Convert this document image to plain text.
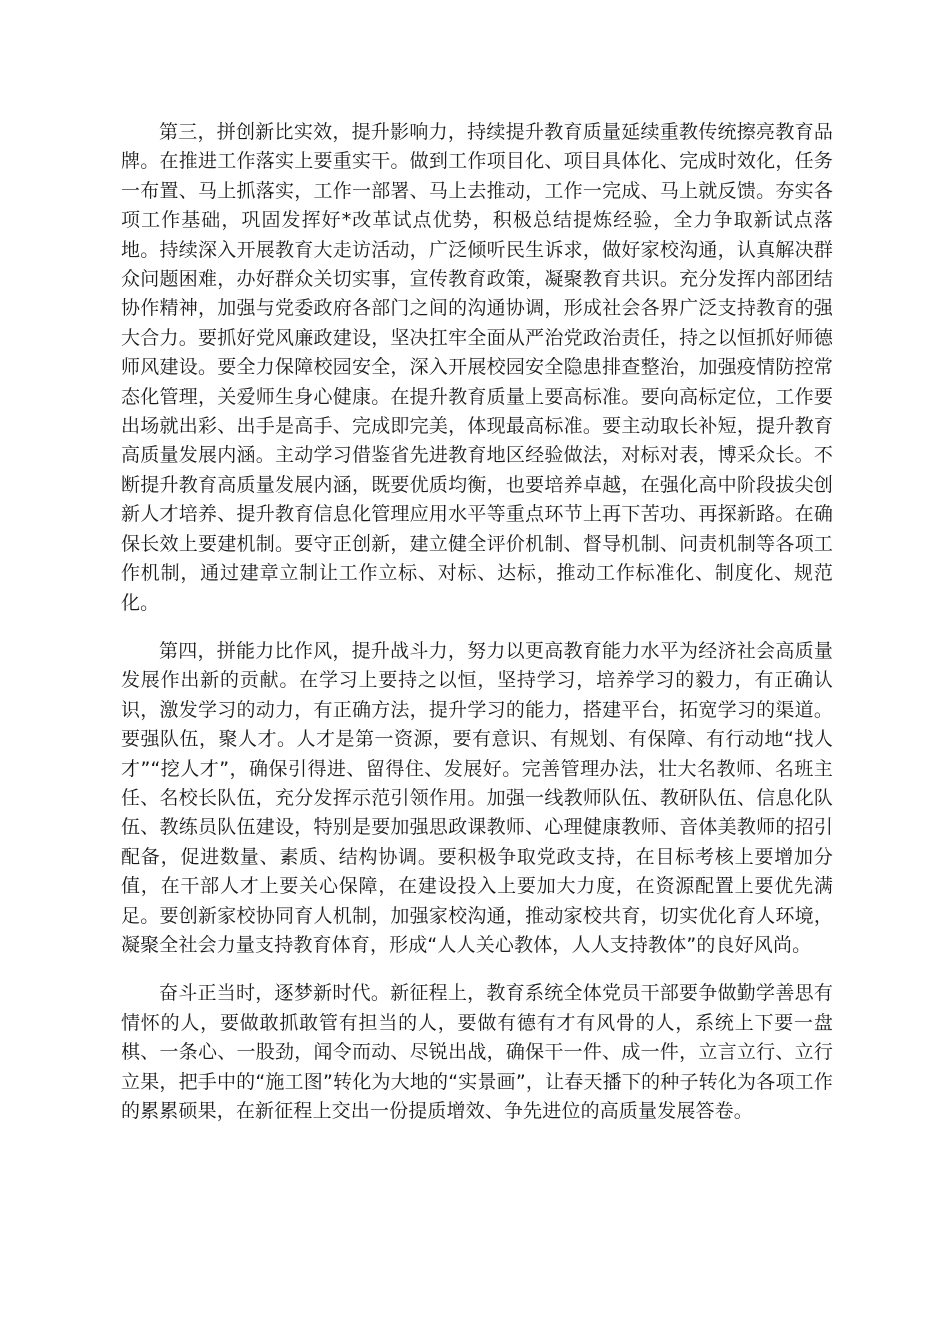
第三，拼创新比实效，提升影响力，持续提升教育质量延续重教传统擦亮教育品牌。在推进工作落实上要重实干。做到工作项目化、项目具体化、完成时效化，任务一布置、马上抓落实，工作一部署、马上去推动，工作一完成、马上就反馈。夯实各项工作基础，巩固发挥好*改革试点优势，积极总结提炼经验，全力争取新试点落地。持续深入开展教育大走访活动，广泛倾听民生诉求，做好家校沟通，认真解决群众问题困难，办好群众关切实事，宣传教育政策，凝聚教育共识。充分发挥内部团结协作精神，加强与党委政府各部门之间的沟通协调，形成社会各界广泛支持教育的强大合力。要抓好党风廉政建设，坚决扛牢全面从严治党政治责任，持之以恒抓好师德师风建设。要全力保障校园安全，深入开展校园安全隐患排查整治，加强疫情防控常态化管理，关爱师生身心健康。在提升教育质量上要高标准。要向高标定位，工作要出场就出彩、出手是高手、完成即完美，体现最高标准。要主动取长补短，提升教育高质量发展内涵。主动学习借鉴省先进教育地区经验做法，对标对表，博采众长。不断提升教育高质量发展内涵，既要优质均衡，也要培养卓越，在强化高中阶段拔尖创新人才培养、提升教育信息化管理应用水平等重点环节上再下苦功、再探新路。在确保长效上要建机制。要守正创新，建立健全评价机制、督导机制、问责机制等各项工作机制，通过建章立制让工作立标、对标、达标，推动工作标准化、制度化、规范化。

第四，拼能力比作风，提升战斗力，努力以更高教育能力水平为经济社会高质量发展作出新的贡献。在学习上要持之以恒，坚持学习，培养学习的毅力，有正确认识，激发学习的动力，有正确方法，提升学习的能力，搭建平台，拓宽学习的渠道。要强队伍，聚人才。人才是第一资源，要有意识、有规划、有保障、有行动地“找人才”“挖人才”，确保引得进、留得住、发展好。完善管理办法，壮大名教师、名班主任、名校长队伍，充分发挥示范引领作用。加强一线教师队伍、教研队伍、信息化队伍、教练员队伍建设，特别是要加强思政课教师、心理健康教师、音体美教师的招引配备，促进数量、素质、结构协调。要积极争取党政支持，在目标考核上要增加分值，在干部人才上要关心保障，在建设投入上要加大力度，在资源配置上要优先满足。要创新家校协同育人机制，加强家校沟通，推动家校共育，切实优化育人环境，凝聚全社会力量支持教育体育，形成“人人关心教体，人人支持教体”的良好风尚。

奋斗正当时，逐梦新时代。新征程上，教育系统全体党员干部要争做勤学善思有情怀的人，要做敢抓敢管有担当的人，要做有德有才有风骨的人，系统上下要一盘棋、一条心、一股劲，闻令而动、尽锐出战，确保干一件、成一件，立言立行、立行立果，把手中的“施工图”转化为大地的“实景画”，让春天播下的种子转化为各项工作的累累硕果，在新征程上交出一份提质增效、争先进位的高质量发展答卷。
